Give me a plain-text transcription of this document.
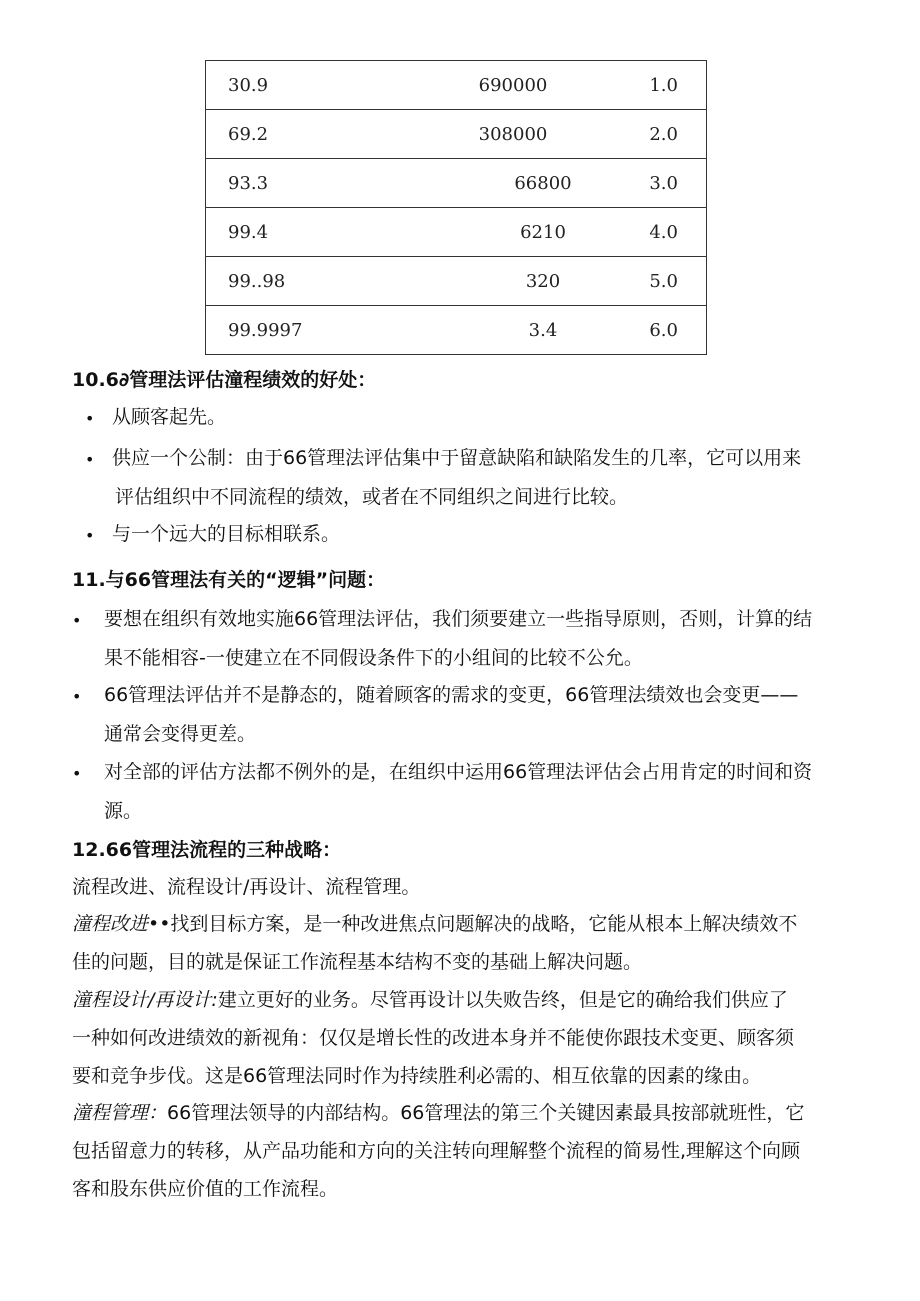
30.9	690000	1.0
69.2	308000	2.0
93.3	66800	3.0
99.4	6210	4.0
99..98	320	5.0
99.9997	3.4	6.0
10.6∂管理法评估潼程绩效的好处：
• 从顾客起先。
• 供应一个公制：由于66管理法评估集中于留意缺陷和缺陷发生的几率，它可以用来
评估组织中不同流程的绩效，或者在不同组织之间进行比较。
• 与一个远大的目标相联系。
11.与66管理法有关的“逻辑”问题：
• 要想在组织有效地实施66管理法评估，我们须要建立一些指导原则，否则，计算的结
果不能相容-一使建立在不同假设条件下的小组间的比较不公允。
• 66管理法评估并不是静态的，随着顾客的需求的变更，66管理法绩效也会变更——
通常会变得更差。
• 对全部的评估方法都不例外的是，在组织中运用66管理法评估会占用肯定的时间和资
源。
12.66管理法流程的三种战略：
流程改进、流程设计/再设计、流程管理。
潼程改进••找到目标方案，是一种改进焦点问题解决的战略，它能从根本上解决绩效不
佳的问题，目的就是保证工作流程基本结构不变的基础上解决问题。
潼程设计/再设计:建立更好的业务。尽管再设计以失败告终，但是它的确给我们供应了
一种如何改进绩效的新视角：仅仅是增长性的改进本身并不能使你跟技术变更、顾客须
要和竞争步伐。这是66管理法同时作为持续胜利必需的、相互依靠的因素的缘由。
潼程管理：66管理法领导的内部结构。66管理法的第三个关键因素最具按部就班性，它
包括留意力的转移，从产品功能和方向的关注转向理解整个流程的简易性,理解这个向顾
客和股东供应价值的工作流程。
